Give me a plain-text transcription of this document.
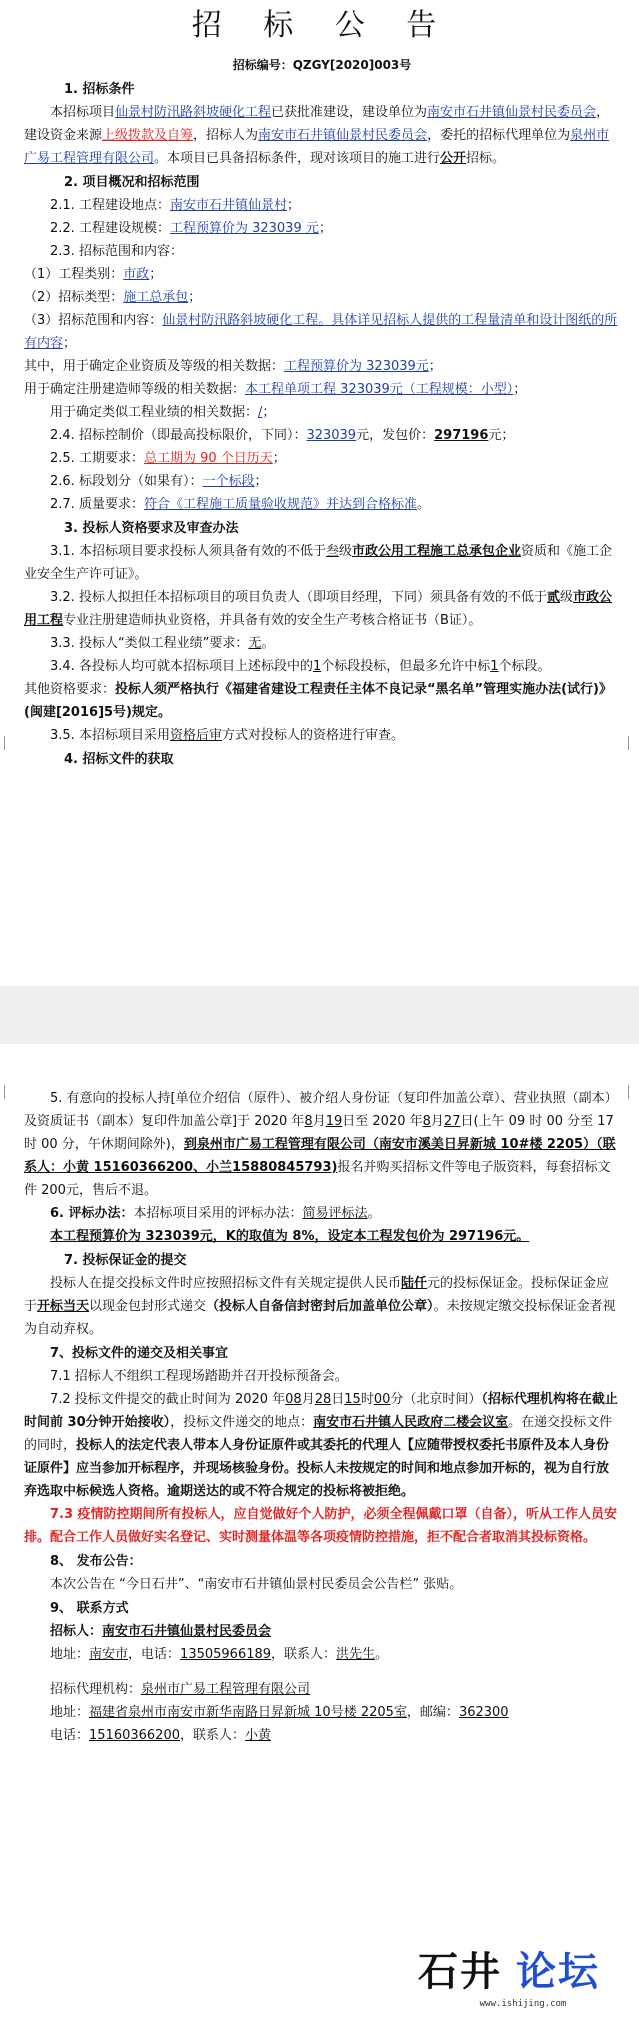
招 标 公 告

招标编号：QZGY[2020]003号

1. 招标条件

本招标项目仙景村防汛路斜坡硬化工程已获批准建设，建设单位为南安市石井镇仙景村民委员会，建设资金来源上级拨款及自筹，招标人为南安市石井镇仙景村民委员会，委托的招标代理单位为泉州市广易工程管理有限公司。本项目已具备招标条件，现对该项目的施工进行公开招标。

2. 项目概况和招标范围

2.1. 工程建设地点：南安市石井镇仙景村；

2.2. 工程建设规模：工程预算价为 323039 元；

2.3. 招标范围和内容：

（1）工程类别：市政；

（2）招标类型：施工总承包；

（3）招标范围和内容：仙景村防汛路斜坡硬化工程。具体详见招标人提供的工程量清单和设计图纸的所有内容；

其中，用于确定企业资质及等级的相关数据：工程预算价为 323039元；

用于确定注册建造师等级的相关数据：本工程单项工程 323039元（工程规模：小型）；

用于确定类似工程业绩的相关数据：/；

2.4. 招标控制价（即最高投标限价，下同）：323039元，发包价：297196元；

2.5. 工期要求：总工期为 90 个日历天；

2.6. 标段划分（如果有）：一个标段；

2.7. 质量要求：符合《工程施工质量验收规范》并达到合格标准。

3. 投标人资格要求及审查办法

3.1. 本招标项目要求投标人须具备有效的不低于叁级市政公用工程施工总承包企业资质和《施工企业安全生产许可证》。

3.2. 投标人拟担任本招标项目的项目负责人（即项目经理，下同）须具备有效的不低于贰级市政公用工程专业注册建造师执业资格，并具备有效的安全生产考核合格证书（B证）。

3.3. 投标人“类似工程业绩”要求：无。

3.4. 各投标人均可就本招标项目上述标段中的1个标段投标，但最多允许中标1个标段。

其他资格要求：投标人须严格执行《福建省建设工程责任主体不良记录“黑名单”管理实施办法(试行)》(闽建[2016]5号)规定。

3.5. 本招标项目采用资格后审方式对投标人的资格进行审查。

4. 招标文件的获取

5. 有意向的投标人持[单位介绍信（原件）、被介绍人身份证（复印件加盖公章）、营业执照（副本）及资质证书（副本）复印件加盖公章]于 2020 年8月19日至 2020 年8月27日(上午 09 时 00 分至 17 时 00 分，午休期间除外)，到泉州市广易工程管理有限公司（南安市溪美日昇新城 10#楼 2205）（联系人：小黄 15160366200、小兰15880845793)报名并购买招标文件等电子版资料，每套招标文件 200元，售后不退。

6. 评标办法：本招标项目采用的评标办法：简易评标法。

本工程预算价为 323039元，K的取值为 8%，设定本工程发包价为 297196元。

7. 投标保证金的提交

投标人在提交投标文件时应按照招标文件有关规定提供人民币陆仟元的投标保证金。投标保证金应于开标当天以现金包封形式递交（投标人自备信封密封后加盖单位公章）。未按规定缴交投标保证金者视为自动弃权。

7、投标文件的递交及相关事宜

7.1 招标人不组织工程现场踏勘并召开投标预备会。

7.2 投标文件提交的截止时间为 2020 年08月28日15时00分（北京时间）（招标代理机构将在截止时间前 30分钟开始接收），投标文件递交的地点：南安市石井镇人民政府二楼会议室。在递交投标文件的同时，投标人的法定代表人带本人身份证原件或其委托的代理人【应随带授权委托书原件及本人身份证原件】应当参加开标程序，并现场核验身份。投标人未按规定的时间和地点参加开标的，视为自行放弃选取中标候选人资格。逾期送达的或不符合规定的投标将被拒绝。

7.3 疫情防控期间所有投标人，应自觉做好个人防护，必须全程佩戴口罩（自备），听从工作人员安排。配合工作人员做好实名登记、实时测量体温等各项疫情防控措施，拒不配合者取消其投标资格。

8、 发布公告：

本次公告在 “今日石井”、“南安市石井镇仙景村民委员会公告栏” 张贴。

9、 联系方式

招标人：南安市石井镇仙景村民委员会

地址：南安市，电话：13505966189，联系人：洪先生。

招标代理机构：泉州市广易工程管理有限公司

地址：福建省泉州市南安市新华南路日昇新城 10号楼 2205室，邮编：362300

电话：15160366200，联系人：小黄

石井 论坛
www.ishijing.com
